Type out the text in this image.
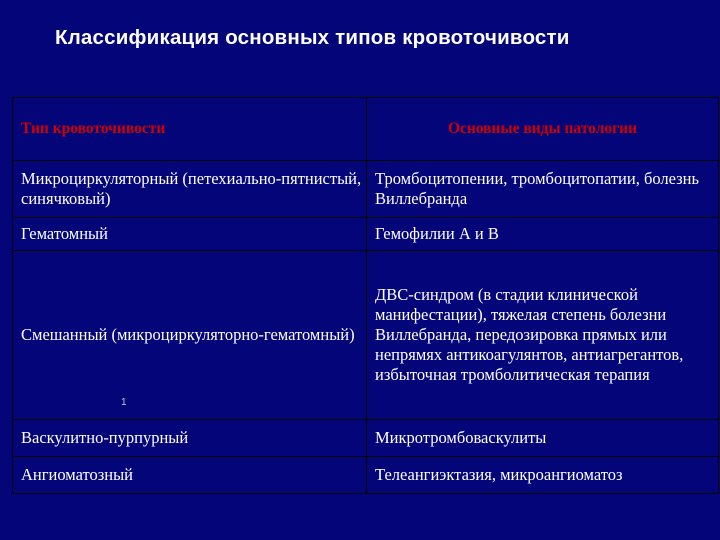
Классификация основных типов кровоточивости
Тип кровоточивости	Основные виды патологии
Микроциркуляторный (петехиально-пятнистый, синячковый)	Тромбоцитопении, тромбоцитопатии, болезнь Виллебранда
Гематомный	Гемофилии А и В
Смешанный (микроциркуляторно-гематомный)	ДВС-синдром (в стадии клинической манифестации), тяжелая степень болезни Виллебранда, передозировка прямых или непрямях антикоагулянтов, антиагрегантов, избыточная тромболитическая терапия
Васкулитно-пурпурный	Микротромбоваскулиты
Ангиоматозный	Телеангиэктазия, микроангиоматоз
1
